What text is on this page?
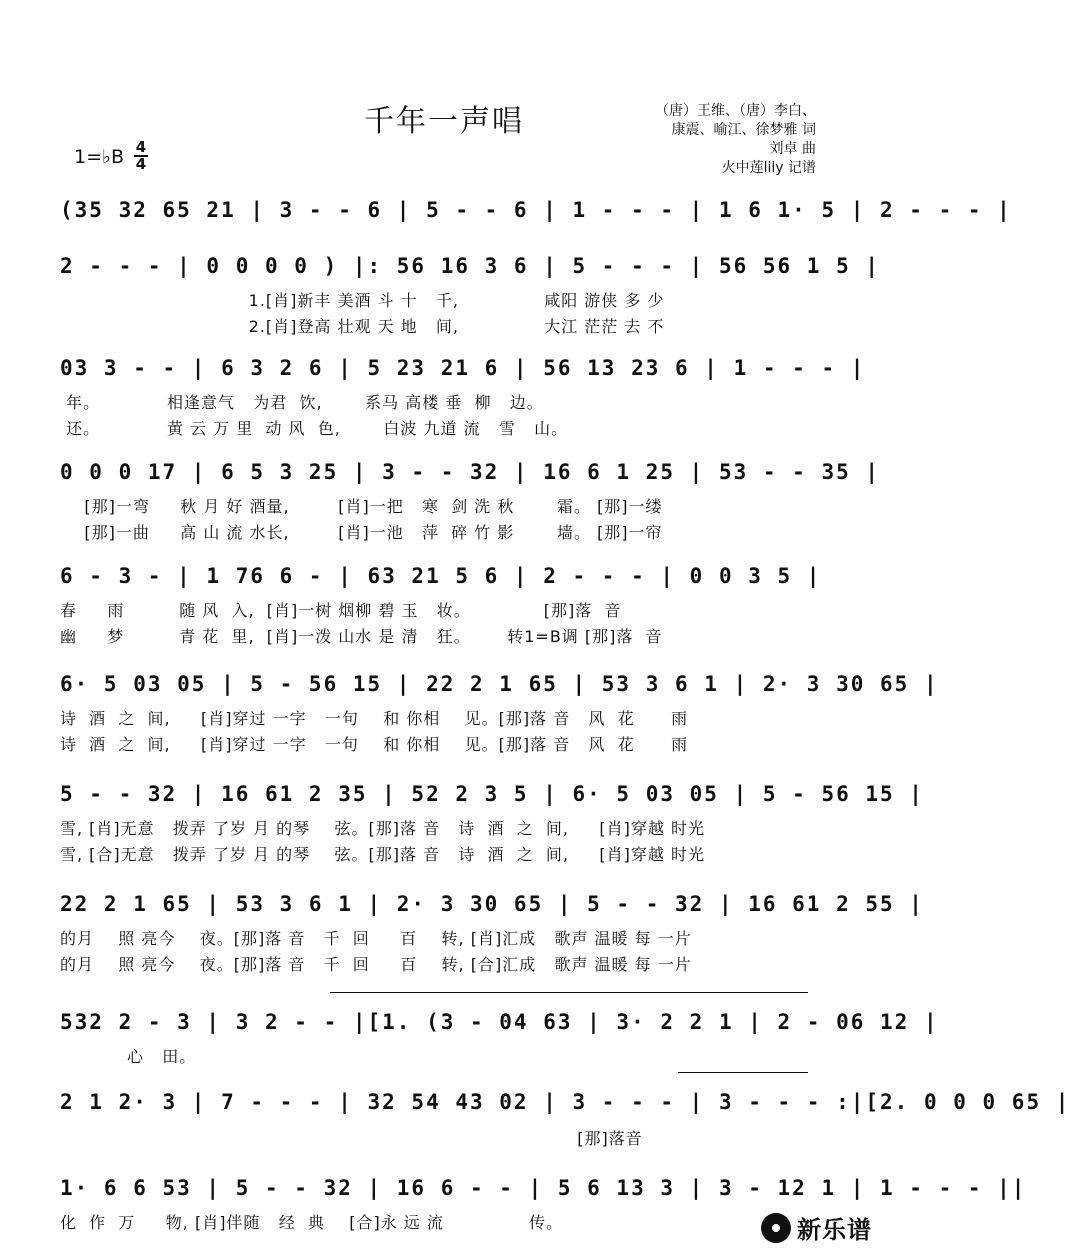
千年一声唱	（唐）王维、（唐）李白、
康震、喻江、徐梦雅 词
刘卓 曲
火中莲lily 记谱
1=♭B $\frac{4}{4}$
(35 32 65 21 | 3 - - 6 | 5 - - 6 | 1 - - - | 1 6 1· 5 | 2 - - - |
2 - - - | 0 0 0 0 ) |: 56 16 3 6 | 5 - - - | 56 56 1 5 |
1.[肖]新丰 美酒 斗 十   千,              咸阳 游侠 多 少
2.[肖]登高 壮观 天 地   间,              大江 茫茫 去 不
03 3 - - | 6 3 2 6 | 5 23 21 6 | 56 13 23 6 | 1 - - - |
年。           相逢意气   为君  饮,       系马 高楼 垂  柳   边。
还。           黄 云 万 里  动 风  色,       白波 九道 流   雪   山。
0 0 0 17 | 6 5 3 25 | 3 - - 32 | 16 6 1 25 | 53 - - 35 |
[那]一弯     秋 月 好 酒量,        [肖]一把   寒  剑 洗 秋       霜。 [那]一缕
[那]一曲     高 山 流 水长,        [肖]一池   萍  碎 竹 影       墙。 [那]一帘
6 - 3 - | 1 76 6 - | 63 21 5 6 | 2 - - - | 0 0 3 5 |
春     雨         随 风  入,  [肖]一树 烟柳 碧 玉   妆。            [那]落  音
幽     梦         青 花  里,  [肖]一泼 山水 是 清   狂。      转1=B调 [那]落  音
6· 5 03 05 | 5 - 56 15 | 22 2 1 65 | 53 3 6 1 | 2· 3 30 65 |
诗  酒  之  间,     [肖]穿过 一字   一句    和 你相    见。[那]落 音   风  花      雨
诗  酒  之  间,     [肖]穿过 一字   一句    和 你相    见。[那]落 音   风  花      雨
5 - - 32 | 16 61 2 35 | 52 2 3 5 | 6· 5 03 05 | 5 - 56 15 |
雪, [肖]无意   拨弄 了岁 月 的琴    弦。[那]落 音   诗  酒  之  间,     [肖]穿越 时光
雪, [合]无意   拨弄 了岁 月 的琴    弦。[那]落 音   诗  酒  之  间,     [肖]穿越 时光
22 2 1 65 | 53 3 6 1 | 2· 3 30 65 | 5 - - 32 | 16 61 2 55 |
的月    照 亮今    夜。[那]落 音   千  回     百    转, [肖]汇成   歌声 温暖 每 一片
的月    照 亮今    夜。[那]落 音   千  回     百    转, [合]汇成   歌声 温暖 每 一片
532 2 - 3 | 3 2 - - |[1. (3 - 04 63 | 3· 2 2 1 | 2 - 06 12 |
心   田。
2 1 2· 3 | 7 - - - | 32 54 43 02 | 3 - - - | 3 - - - :|[2. 0 0 0 65 |
[那]落音
1· 6 6 53 | 5 - - 32 | 16 6 - - | 5 6 13 3 | 3 - 12 1 | 1 - - - ||
化  作  万     物, [肖]伴随   经  典    [合]永 远 流              传。	新乐谱
